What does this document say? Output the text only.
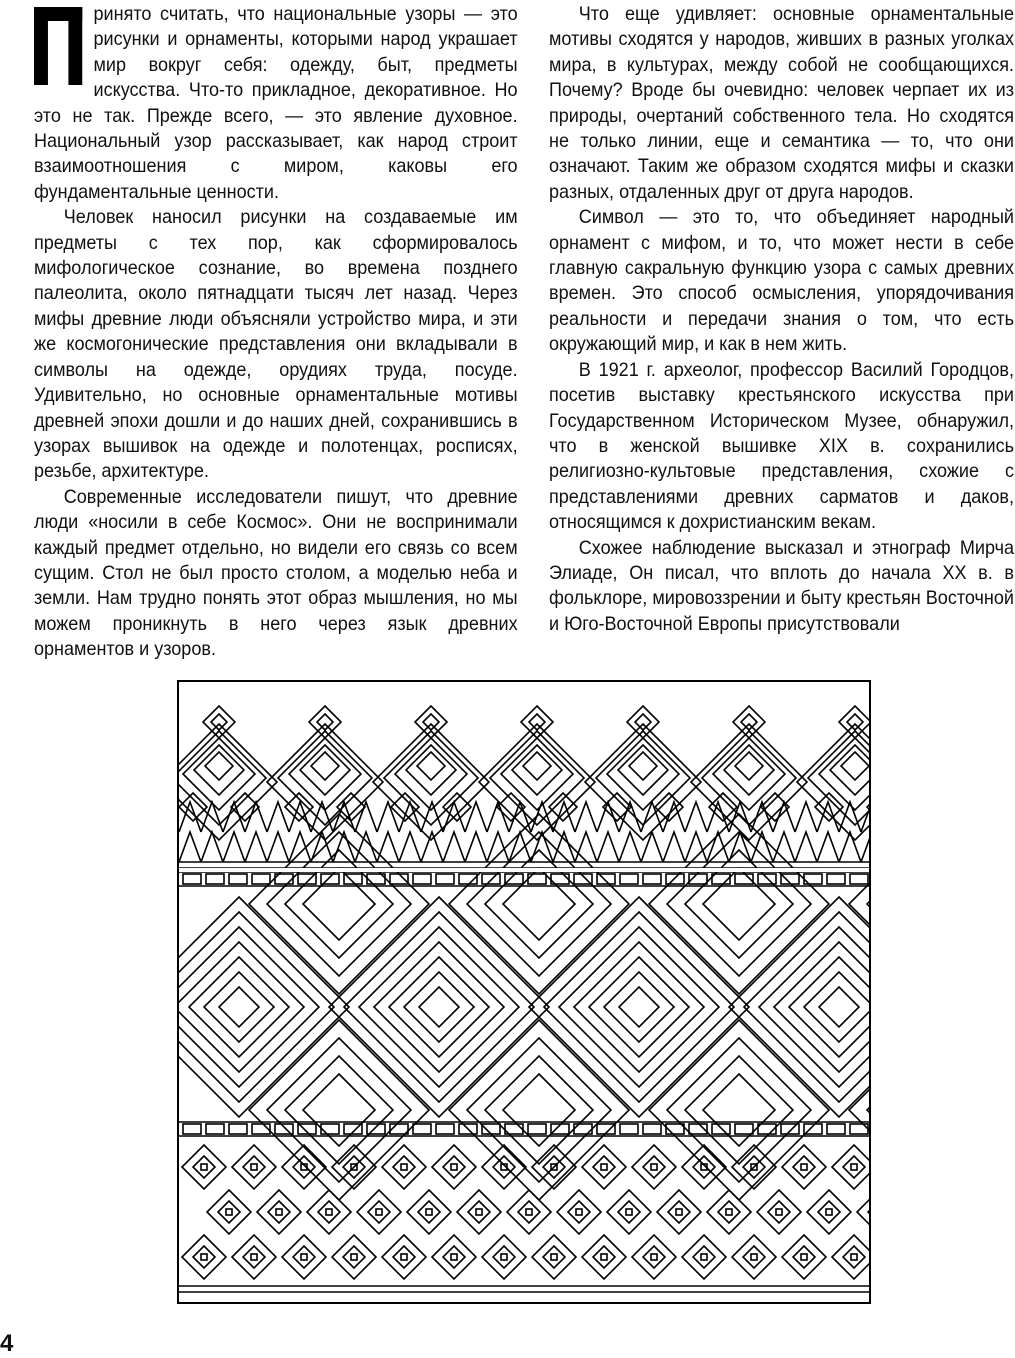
ринято считать, что национальные узоры — это рисунки и орнаменты, которыми народ украшает мир вокруг себя: одежду, быт, предметы искусства. Что-то прикладное, декоративное. Но это не так. Прежде всего, — это явление духовное. Национальный узор рассказывает, как народ строит взаимоотношения с миром, каковы его фундаментальные ценности.

Человек наносил рисунки на создаваемые им предметы с тех пор, как сформировалось мифологическое сознание, во времена позднего палеолита, около пятнадцати тысяч лет назад. Через мифы древние люди объясняли устройство мира, и эти же космогонические представления они вкладывали в символы на одежде, орудиях труда, посуде. Удивительно, но основные орнаментальные мотивы древней эпохи дошли и до наших дней, сохранившись в узорах вышивок на одежде и полотенцах, росписях, резьбе, архитектуре.

Современные исследователи пишут, что древние люди «носили в себе Космос». Они не воспринимали каждый предмет отдельно, но видели его связь со всем сущим. Стол не был просто столом, а моделью неба и земли. Нам трудно понять этот образ мышления, но мы можем проникнуть в него через язык древних орнаментов и узоров.

Что еще удивляет: основные орнаментальные мотивы сходятся у народов, живших в разных уголках мира, в культурах, между собой не сообщающихся. Почему? Вроде бы очевидно: человек черпает их из природы, очертаний собственного тела. Но сходятся не только линии, еще и семантика — то, что они означают. Таким же образом сходятся мифы и сказки разных, отдаленных друг от друга народов.

Символ — это то, что объединяет народный орнамент с мифом, и то, что может нести в себе главную сакральную функцию узора с самых древних времен. Это способ осмысления, упорядочивания реальности и передачи знания о том, что есть окружающий мир, и как в нем жить.

В 1921 г. археолог, профессор Василий Городцов, посетив выставку крестьянского искусства при Государственном Историческом Музее, обнаружил, что в женской вышивке XIX в. сохранились религиозно-культовые представления, схожие с представлениями древних сарматов и даков, относящимся к дохристианским векам.

Схожее наблюдение высказал и этнограф Мирча Элиаде, Он писал, что вплоть до начала XX в. в фольклоре, мировоззрении и быту крестьян Восточной и Юго-Восточной Европы присутствовали

4
